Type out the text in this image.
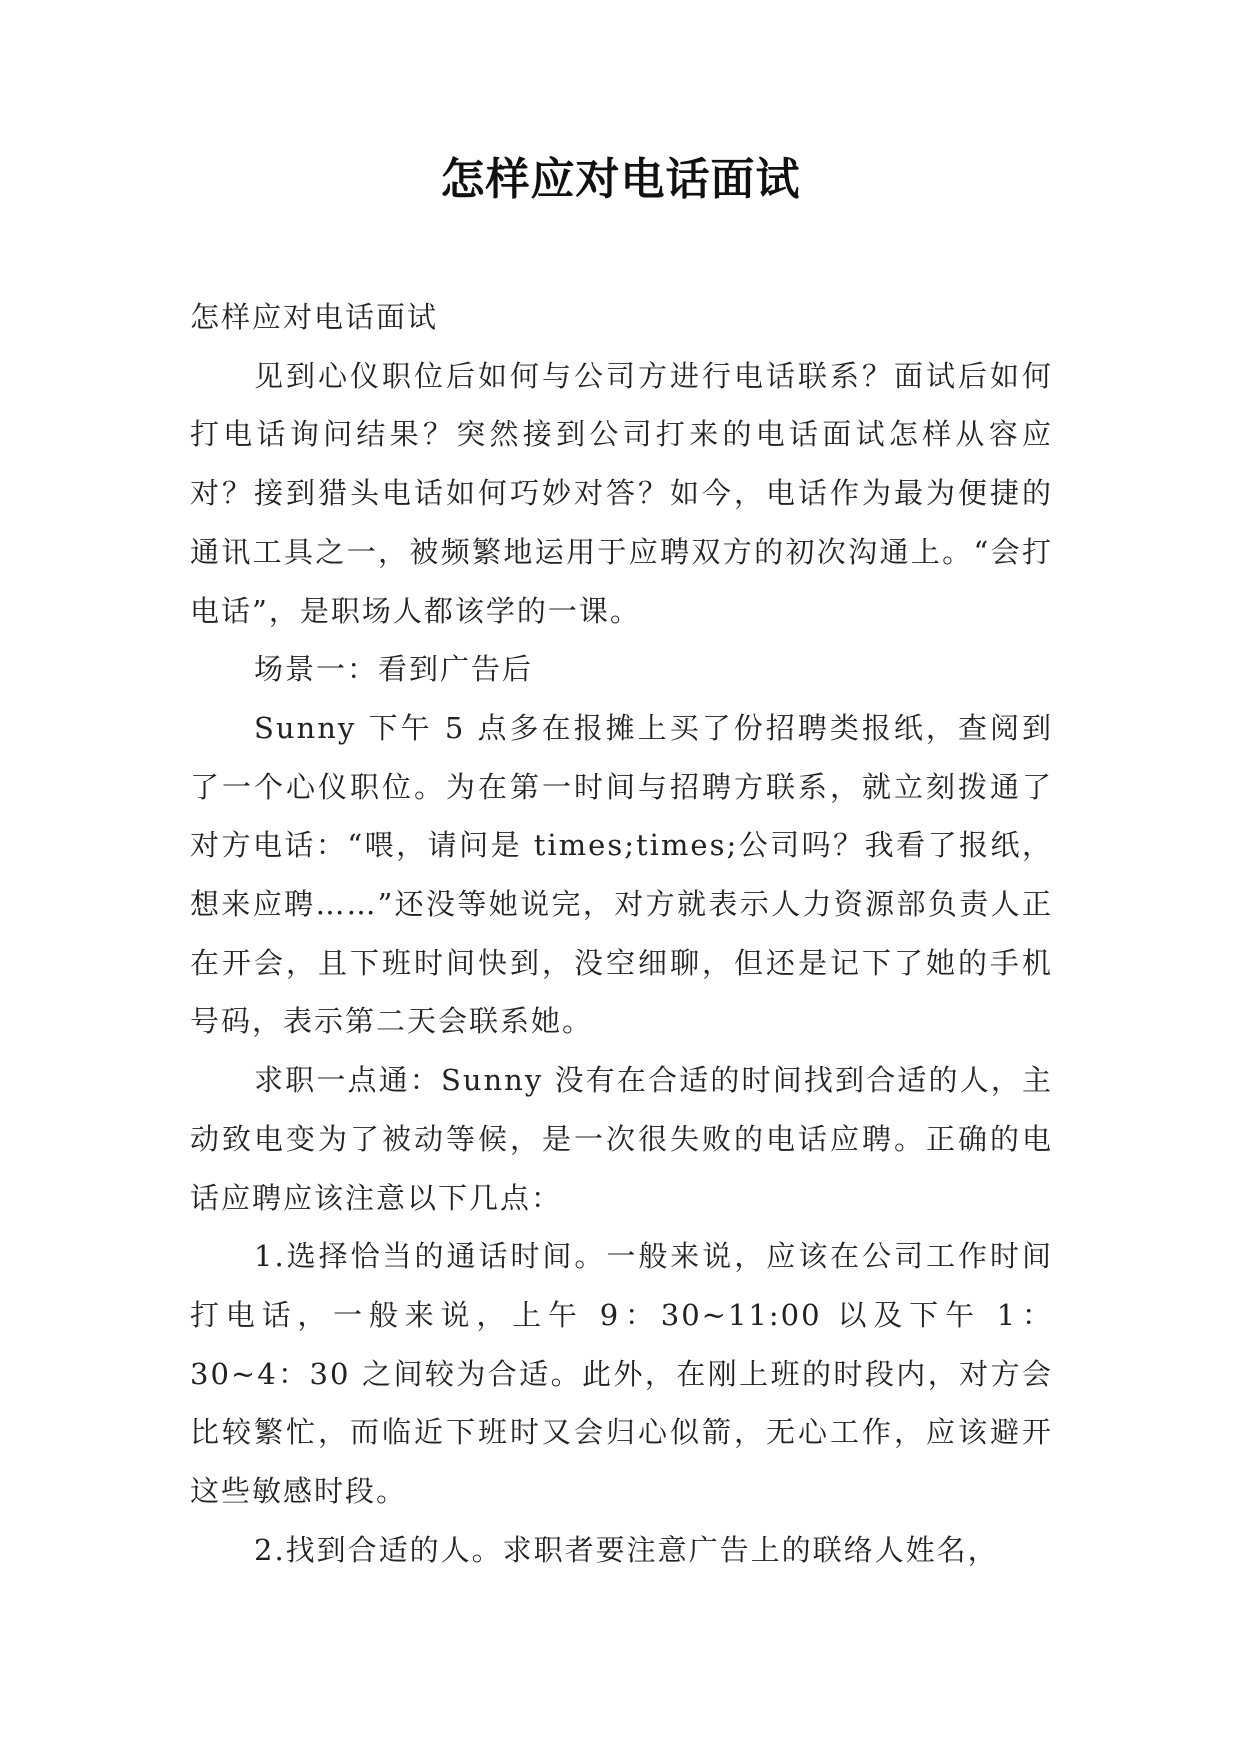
怎样应对电话面试

怎样应对电话面试

见到心仪职位后如何与公司方进行电话联系？面试后如何打电话询问结果？突然接到公司打来的电话面试怎样从容应对？接到猎头电话如何巧妙对答？如今，电话作为最为便捷的通讯工具之一，被频繁地运用于应聘双方的初次沟通上。“会打电话”，是职场人都该学的一课。

场景一：看到广告后

Sunny 下午 5 点多在报摊上买了份招聘类报纸，查阅到了一个心仪职位。为在第一时间与招聘方联系，就立刻拨通了对方电话：“喂，请问是 times;times;公司吗？我看了报纸，想来应聘……”还没等她说完，对方就表示人力资源部负责人正在开会，且下班时间快到，没空细聊，但还是记下了她的手机号码，表示第二天会联系她。

求职一点通：Sunny 没有在合适的时间找到合适的人，主动致电变为了被动等候，是一次很失败的电话应聘。正确的电话应聘应该注意以下几点：

1.选择恰当的通话时间。一般来说，应该在公司工作时间打电话，一般来说，上午 9：30~11:00 以及下午 1：30~4：30 之间较为合适。此外，在刚上班的时段内，对方会比较繁忙，而临近下班时又会归心似箭，无心工作，应该避开这些敏感时段。

2.找到合适的人。求职者要注意广告上的联络人姓名，
